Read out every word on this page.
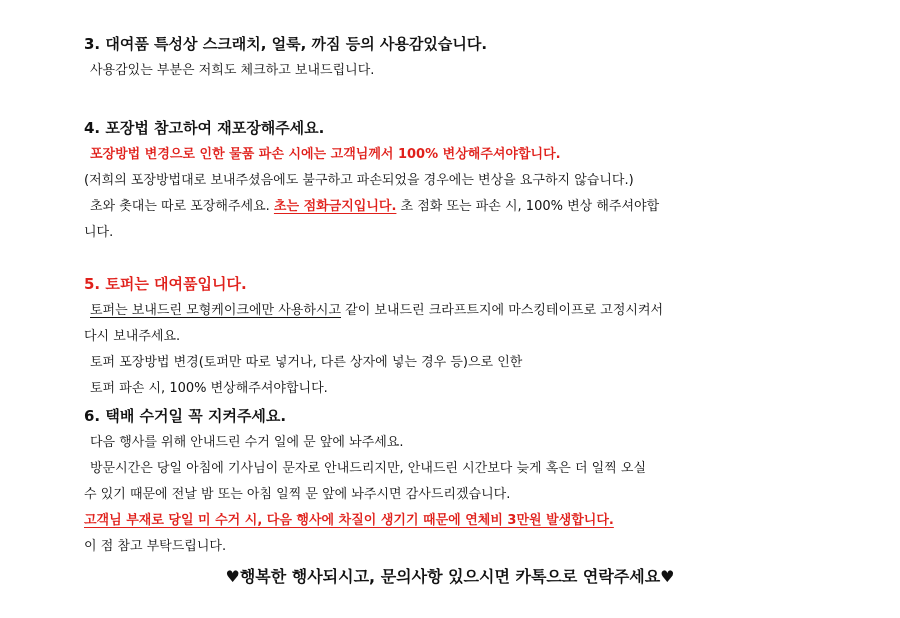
3. 대여품 특성상 스크래치, 얼룩, 까짐 등의 사용감있습니다.
사용감있는 부분은 저희도 체크하고 보내드립니다.
4. 포장법 참고하여 재포장해주세요.
포장방법 변경으로 인한 물품 파손 시에는 고객님께서 100% 변상해주셔야합니다.
(저희의 포장방법대로 보내주셨음에도 불구하고 파손되었을 경우에는 변상을 요구하지 않습니다.)
초와 촛대는 따로 포장해주세요. 초는 점화금지입니다. 초 점화 또는 파손 시, 100% 변상 해주셔야합
니다.
5. 토퍼는 대여품입니다.
토퍼는 보내드린 모형케이크에만 사용하시고 같이 보내드린 크라프트지에 마스킹테이프로 고정시켜서
다시 보내주세요.
토퍼 포장방법 변경(토퍼만 따로 넣거나, 다른 상자에 넣는 경우 등)으로 인한
토퍼 파손 시, 100% 변상해주셔야합니다.
6. 택배 수거일 꼭 지켜주세요.
다음 행사를 위해 안내드린 수거 일에 문 앞에 놔주세요.
방문시간은 당일 아침에 기사님이 문자로 안내드리지만, 안내드린 시간보다 늦게 혹은 더 일찍 오실
수 있기 때문에 전날 밤 또는 아침 일찍 문 앞에 놔주시면 감사드리겠습니다.
고객님 부재로 당일 미 수거 시, 다음 행사에 차질이 생기기 때문에 연체비 3만원 발생합니다.
이 점 참고 부탁드립니다.
♥행복한 행사되시고, 문의사항 있으시면 카톡으로 연락주세요♥
